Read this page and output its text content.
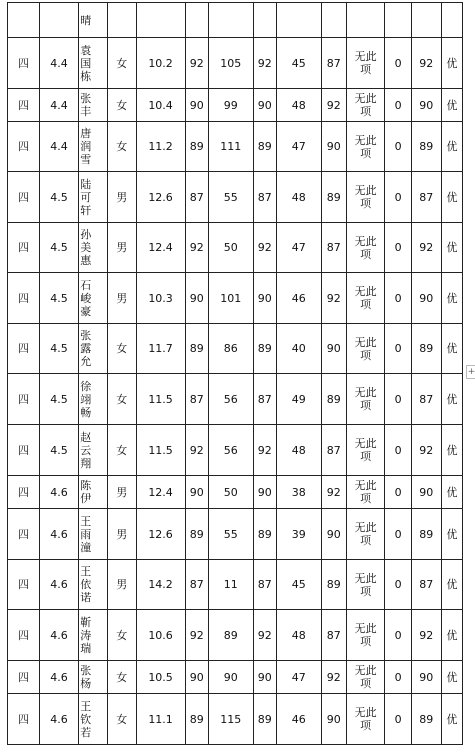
		晴											

四	4.4	袁国栋	女	10.2	92	105	92	45	87	无此项	0	92	优
四	4.4	张丰	女	10.4	90	99	90	48	92	无此项	0	90	优
四	4.4	唐润雪	女	11.2	89	111	89	47	90	无此项	0	89	优
四	4.5	陆可轩	男	12.6	87	55	87	48	89	无此项	0	87	优
四	4.5	孙美惠	男	12.4	92	50	92	47	87	无此项	0	92	优
四	4.5	石峻豪	男	10.3	90	101	90	46	92	无此项	0	90	优
四	4.5	张露允	女	11.7	89	86	89	40	90	无此项	0	89	优
四	4.5	徐翊畅	女	11.5	87	56	87	49	89	无此项	0	87	优
四	4.5	赵云翔	女	11.5	92	56	92	48	87	无此项	0	92	优
四	4.6	陈伊	男	12.4	90	50	90	38	92	无此项	0	90	优
四	4.6	王雨潼	男	12.6	89	55	89	39	90	无此项	0	89	优
四	4.6	王依诺	男	14.2	87	11	87	45	89	无此项	0	87	优
四	4.6	靳涛瑞	女	10.6	92	89	92	48	87	无此项	0	92	优
四	4.6	张杨	女	10.5	90	90	90	47	92	无此项	0	90	优
四	4.6	王钦若	女	11.1	89	115	89	46	90	无此项	0	89	优
+
